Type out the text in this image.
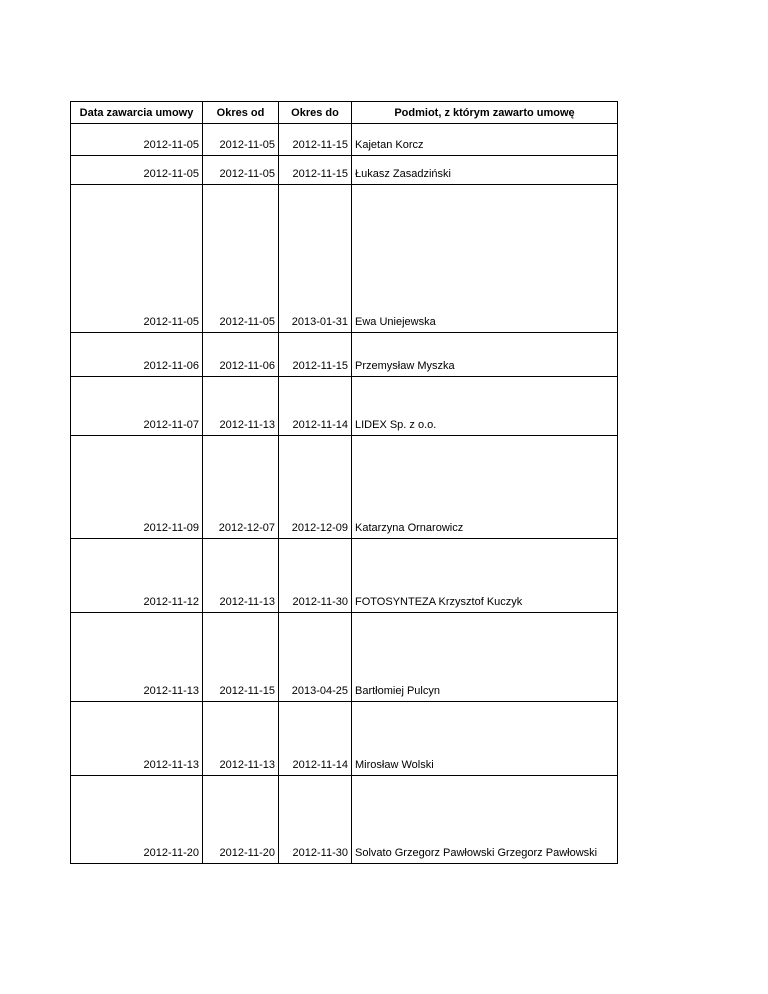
Data zawarcia umowy	Okres od	Okres do	Podmiot, z którym zawarto umowę
2012-11-05	2012-11-05	2012-11-15	Kajetan Korcz
2012-11-05	2012-11-05	2012-11-15	Łukasz Zasadziński
2012-11-05	2012-11-05	2013-01-31	Ewa Uniejewska
2012-11-06	2012-11-06	2012-11-15	Przemysław Myszka
2012-11-07	2012-11-13	2012-11-14	LIDEX Sp. z o.o.
2012-11-09	2012-12-07	2012-12-09	Katarzyna Ornarowicz
2012-11-12	2012-11-13	2012-11-30	FOTOSYNTEZA Krzysztof Kuczyk
2012-11-13	2012-11-15	2013-04-25	Bartłomiej Pulcyn
2012-11-13	2012-11-13	2012-11-14	Mirosław Wolski
2012-11-20	2012-11-20	2012-11-30	Solvato Grzegorz Pawłowski Grzegorz Pawłowski
